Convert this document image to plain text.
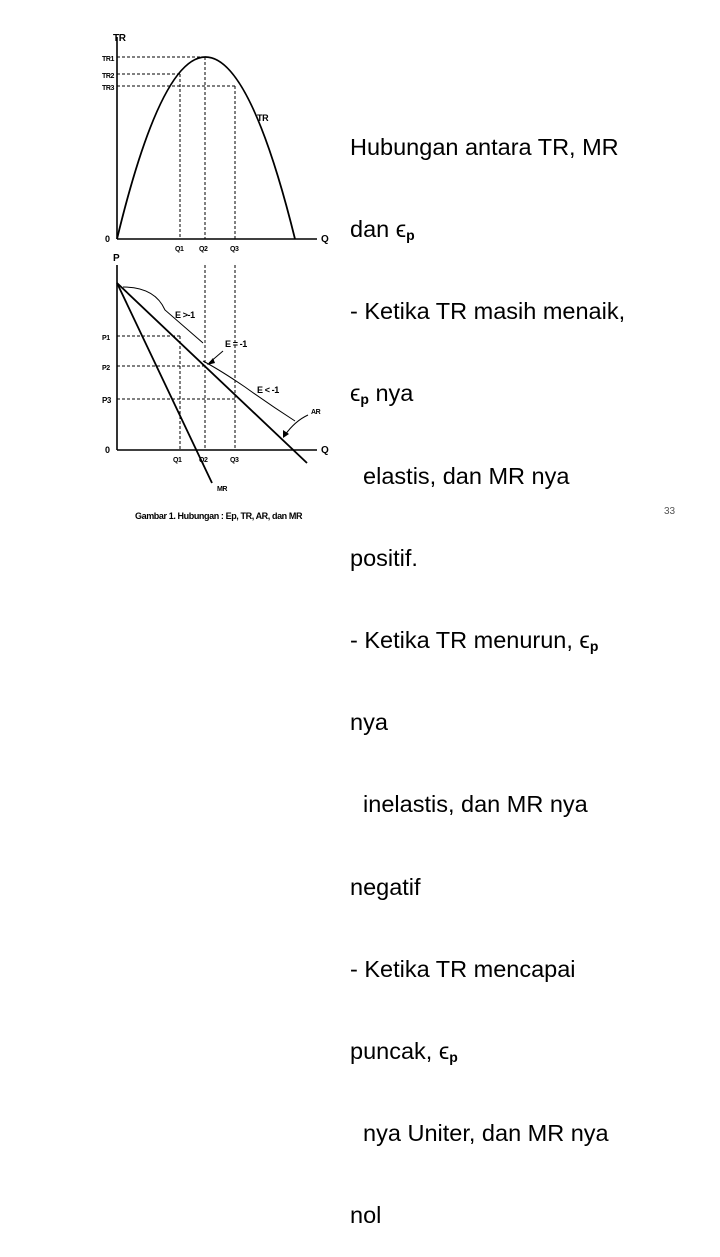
TR
Q
0
TR1
TR2
TR3
TR
Q1 Q2	Q3
P
Q
0
P1
P2
P3
AR
MR
E >-1
E = -1
E < -1
Q1 Q2	Q3
Gambar 1. Hubungan : Ep, TR, AR, dan MR

Hubungan antara TR, MR

dan $\epsilon_p$

- Ketika TR masih menaik,

$\epsilon_p$ nya

elastis, dan MR nya

positif.

- Ketika TR menurun, $\epsilon_p$

nya

inelastis, dan MR nya

negatif

- Ketika TR mencapai

puncak, $\epsilon_p$

nya Uniter, dan MR nya

nol

33
